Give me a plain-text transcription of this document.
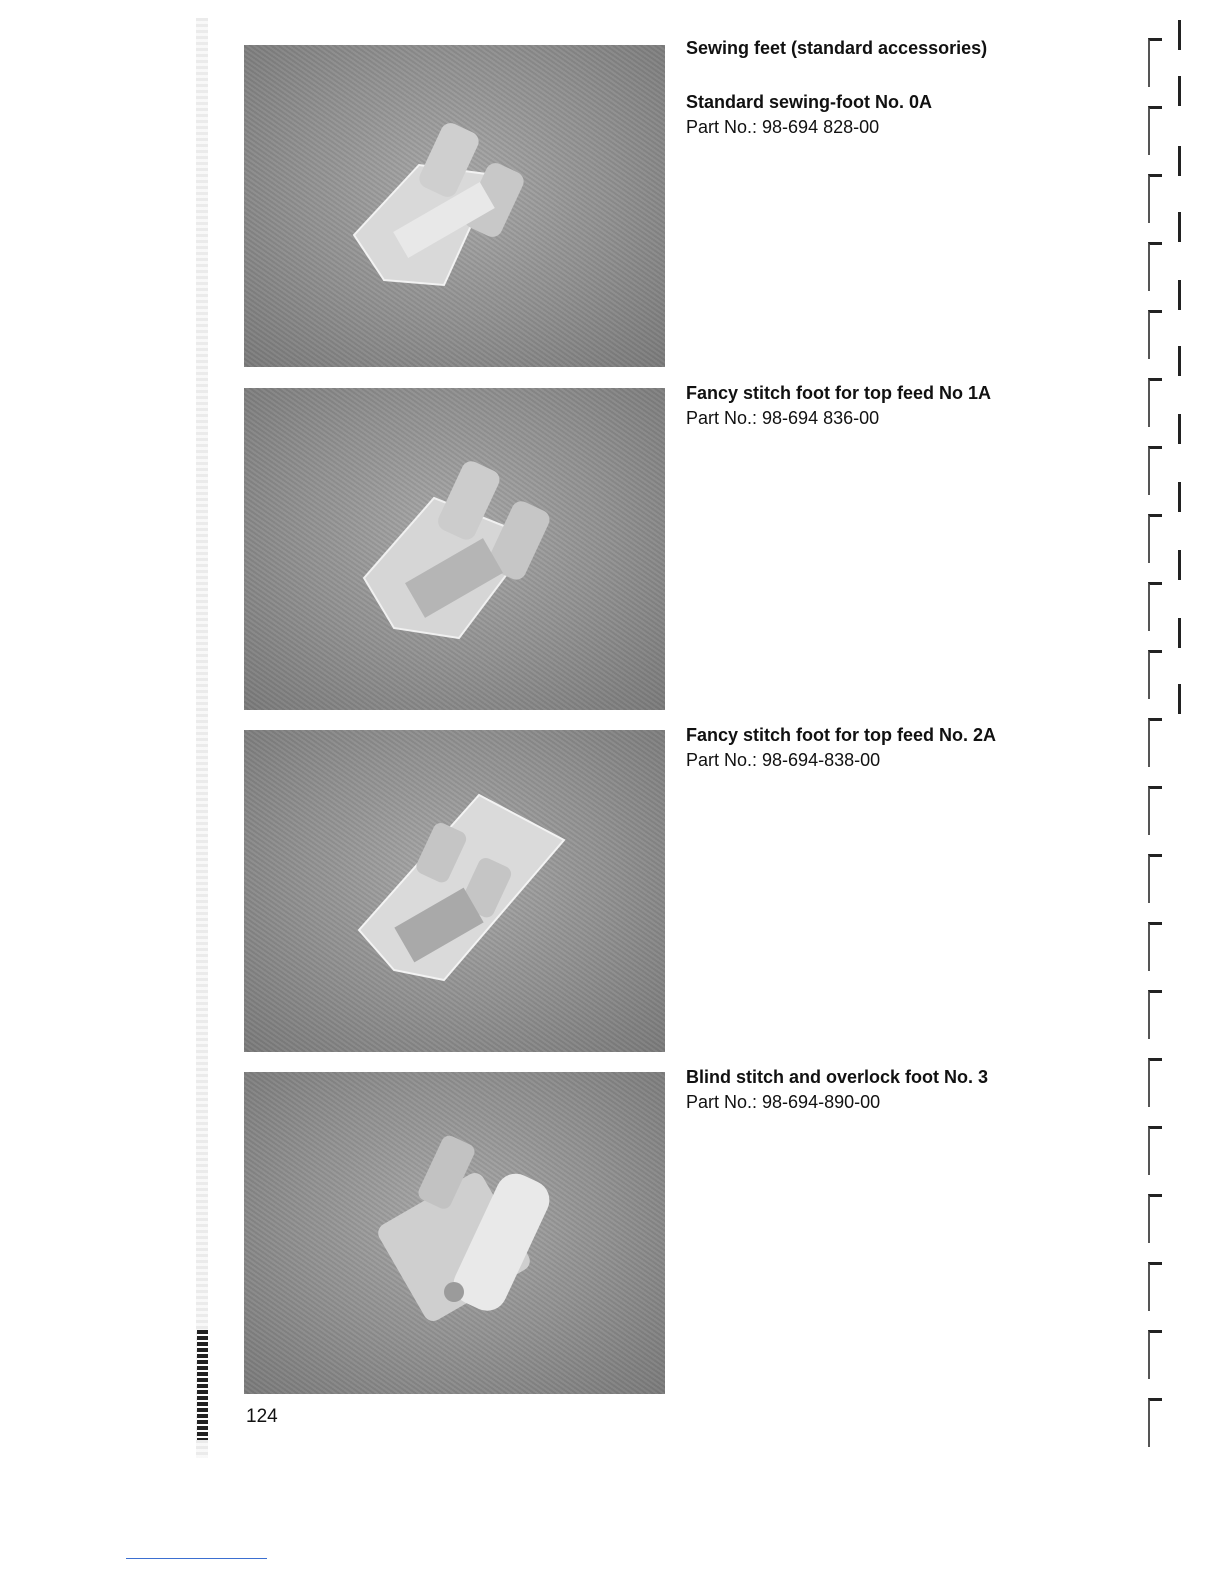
Sewing feet (standard accessories)
Standard sewing-foot No. 0A
Part No.: 98-694 828-00
Fancy stitch foot for top feed No 1A
Part No.: 98-694 836-00
Fancy stitch foot for top feed No. 2A
Part No.: 98-694-838-00
Blind stitch and overlock foot No. 3
Part No.: 98-694-890-00
124
